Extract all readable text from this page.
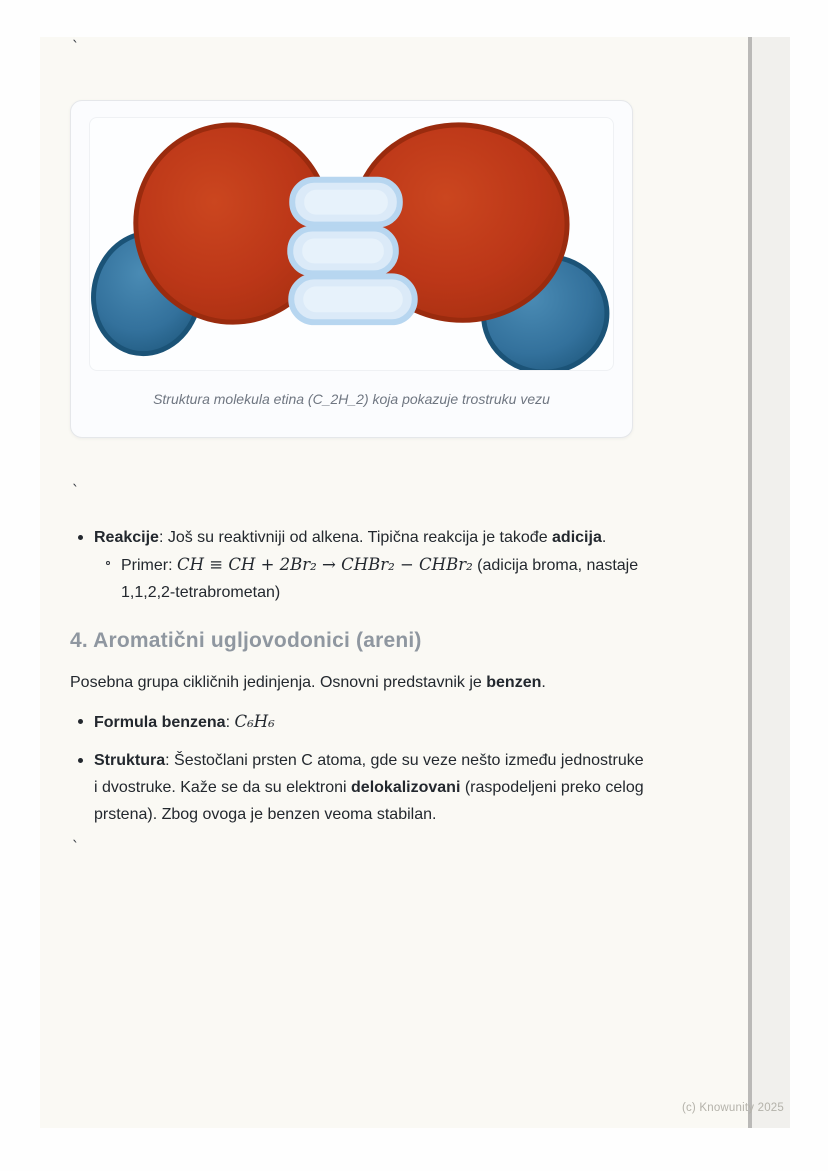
`
Struktura molekula etina (C_2H_2) koja pokazuje trostruku vezu
`
Reakcije: Još su reaktivniji od alkena. Tipična reakcija je takođe adicija.
Primer: CH ≡ CH + 2Br₂ → CHBr₂ − CHBr₂ (adicija broma, nastaje 1,1,2,2-tetrabrometan)
4. Aromatični ugljovodonici (areni)
Posebna grupa cikličnih jedinjenja. Osnovni predstavnik je benzen.
Formula benzena: C₆H₆
Struktura: Šestočlani prsten C atoma, gde su veze nešto između jednostruke i dvostruke. Kaže se da su elektroni delokalizovani (raspodeljeni preko celog prstena). Zbog ovoga je benzen veoma stabilan.
`
(c) Knowunity 2025
